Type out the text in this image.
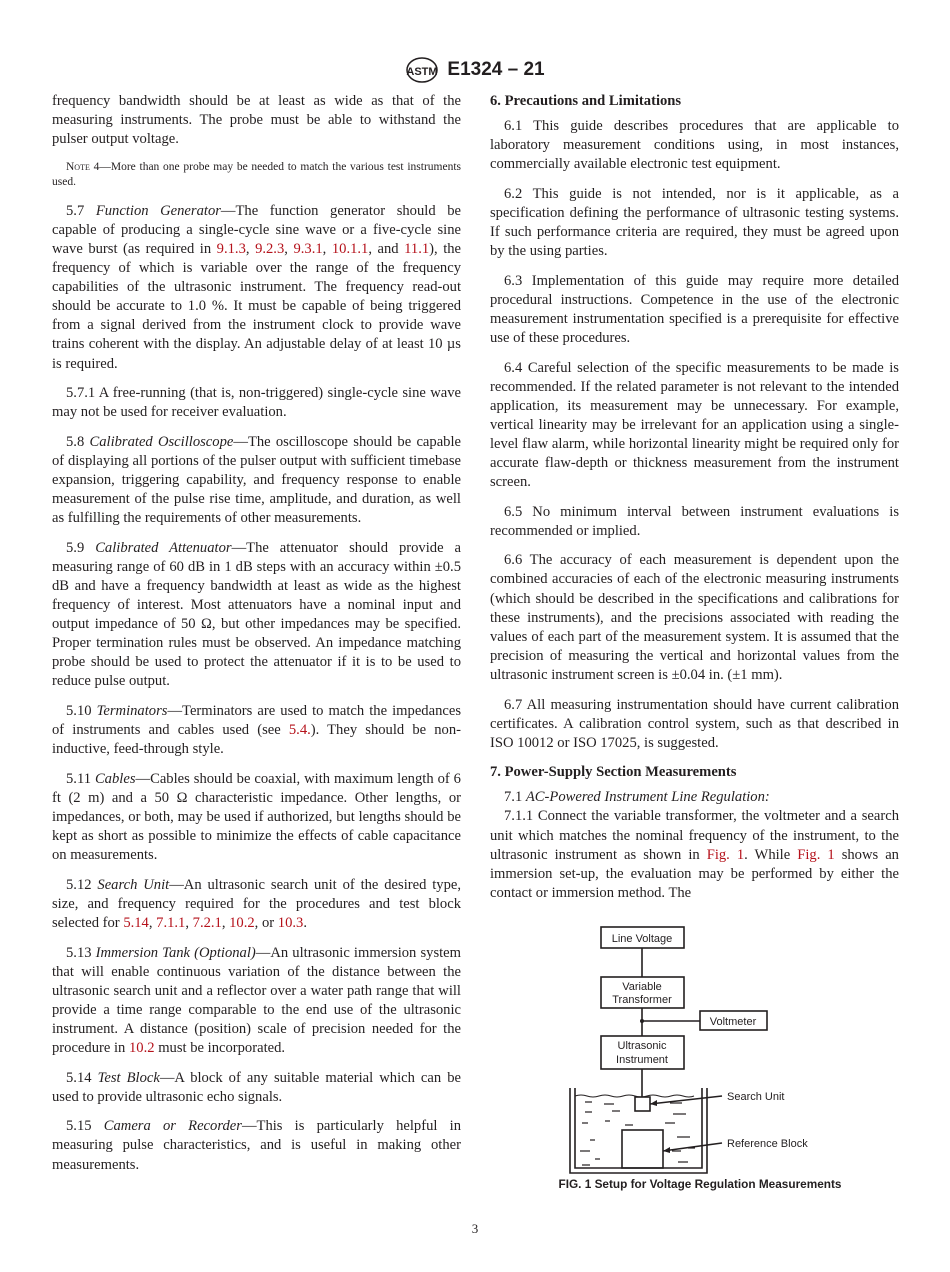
ASTM E1324 – 21

frequency bandwidth should be at least as wide as that of the measuring instruments. The probe must be able to withstand the pulser output voltage.

Note 4—More than one probe may be needed to match the various test instruments used.

5.7 Function Generator—The function generator should be capable of producing a single-cycle sine wave or a five-cycle sine wave burst (as required in 9.1.3, 9.2.3, 9.3.1, 10.1.1, and 11.1), the frequency of which is variable over the range of the frequency capabilities of the ultrasonic instrument. The frequency read-out should be accurate to 1.0 %. It must be capable of being triggered from a signal derived from the instrument clock to provide wave trains coherent with the display. An adjustable delay of at least 10 µs is required.

5.7.1 A free-running (that is, non-triggered) single-cycle sine wave may not be used for receiver evaluation.

5.8 Calibrated Oscilloscope—The oscilloscope should be capable of displaying all portions of the pulser output with sufficient timebase expansion, triggering capability, and frequency response to enable measurement of the pulse rise time, amplitude, and duration, as well as fulfilling the requirements of other measurements.

5.9 Calibrated Attenuator—The attenuator should provide a measuring range of 60 dB in 1 dB steps with an accuracy within ±0.5 dB and have a frequency bandwidth at least as wide as the highest frequency of interest. Most attenuators have a nominal input and output impedance of 50 Ω, but other impedances may be specified. Proper termination rules must be observed. An impedance matching probe should be used to protect the attenuator if it is to be used to reduce pulse output.

5.10 Terminators—Terminators are used to match the impedances of instruments and cables used (see 5.4.). They should be non-inductive, feed-through style.

5.11 Cables—Cables should be coaxial, with maximum length of 6 ft (2 m) and a 50 Ω characteristic impedance. Other lengths, or impedances, or both, may be used if authorized, but lengths should be kept as short as possible to minimize the effects of cable capacitance on measurements.

5.12 Search Unit—An ultrasonic search unit of the desired type, size, and frequency required for the procedures and test block selected for 5.14, 7.1.1, 7.2.1, 10.2, or 10.3.

5.13 Immersion Tank (Optional)—An ultrasonic immersion system that will enable continuous variation of the distance between the ultrasonic search unit and a reflector over a water path range that will provide a time range comparable to the end use of the ultrasonic instrument. A distance (position) scale of precision needed for the procedure in 10.2 must be incorporated.

5.14 Test Block—A block of any suitable material which can be used to provide ultrasonic echo signals.

5.15 Camera or Recorder—This is particularly helpful in measuring pulse characteristics, and is useful in making other measurements.

6. Precautions and Limitations

6.1 This guide describes procedures that are applicable to laboratory measurement conditions using, in most instances, commercially available electronic test equipment.

6.2 This guide is not intended, nor is it applicable, as a specification defining the performance of ultrasonic testing systems. If such performance criteria are required, they must be agreed upon by the using parties.

6.3 Implementation of this guide may require more detailed procedural instructions. Competence in the use of the electronic measurement instrumentation specified is a prerequisite for effective use of these procedures.

6.4 Careful selection of the specific measurements to be made is recommended. If the related parameter is not relevant to the intended application, its measurement may be unnecessary. For example, vertical linearity may be irrelevant for an application using a single-level flaw alarm, while horizontal linearity might be required only for accurate flaw-depth or thickness measurement from the instrument screen.

6.5 No minimum interval between instrument evaluations is recommended or implied.

6.6 The accuracy of each measurement is dependent upon the combined accuracies of each of the electronic measuring instruments (which should be described in the specifications and calibrations for these instruments), and the precisions associated with reading the values of each part of the measurement system. It is assumed that the precision of measuring the vertical and horizontal values from the ultrasonic instrument screen is ±0.04 in. (±1 mm).

6.7 All measuring instrumentation should have current calibration certificates. A calibration control system, such as that described in ISO 10012 or ISO 17025, is suggested.

7. Power-Supply Section Measurements

7.1 AC-Powered Instrument Line Regulation:

7.1.1 Connect the variable transformer, the voltmeter and a search unit which matches the nominal frequency of the instrument, to the ultrasonic instrument as shown in Fig. 1. While Fig. 1 shows an immersion set-up, the evaluation may be performed by either the contact or immersion method. The

Line Voltage
Variable
Transformer
Voltmeter
Ultrasonic
Instrument
Search Unit
Reference Block
FIG. 1 Setup for Voltage Regulation Measurements
3
